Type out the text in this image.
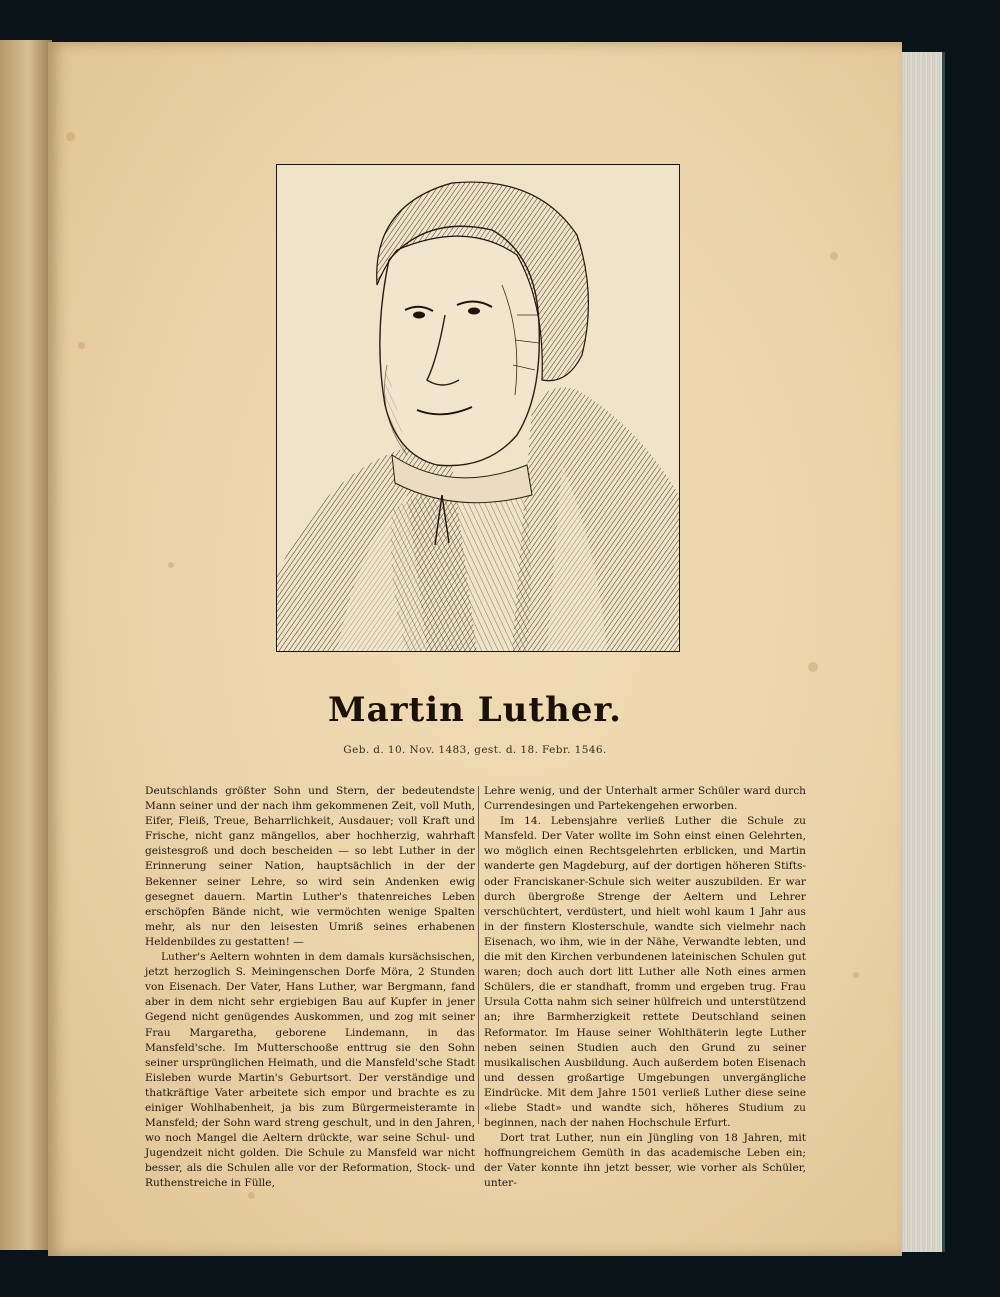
Martin Luther.
Geb. d. 10. Nov. 1483, gest. d. 18. Febr. 1546.

Deutschlands größter Sohn und Stern, der bedeutendste Mann seiner und der nach ihm gekommenen Zeit, voll Muth, Eifer, Fleiß, Treue, Beharrlichkeit, Ausdauer; voll Kraft und Frische, nicht ganz mängellos, aber hochherzig, wahrhaft geistesgroß und doch bescheiden — so lebt Luther in der Erinnerung seiner Nation, hauptsächlich in der der Bekenner seiner Lehre, so wird sein Andenken ewig gesegnet dauern. Martin Luther's thatenreiches Leben erschöpfen Bände nicht, wie vermöchten wenige Spalten mehr, als nur den leisesten Umriß seines erhabenen Heldenbildes zu gestatten! —

Luther's Aeltern wohnten in dem damals kursächsischen, jetzt herzoglich S. Meiningenschen Dorfe Möra, 2 Stunden von Eisenach. Der Vater, Hans Luther, war Bergmann, fand aber in dem nicht sehr ergiebigen Bau auf Kupfer in jener Gegend nicht genügendes Auskommen, und zog mit seiner Frau Margaretha, geborene Lindemann, in das Mansfeld'sche. Im Mutterschooße enttrug sie den Sohn seiner ursprünglichen Heimath, und die Mansfeld'sche Stadt Eisleben wurde Martin's Geburtsort. Der verständige und thatkräftige Vater arbeitete sich empor und brachte es zu einiger Wohlhabenheit, ja bis zum Bürgermeisteramte in Mansfeld; der Sohn ward streng geschult, und in den Jahren, wo noch Mangel die Aeltern drückte, war seine Schul- und Jugendzeit nicht golden. Die Schule zu Mansfeld war nicht besser, als die Schulen alle vor der Reformation, Stock- und Ruthenstreiche in Fülle,

Lehre wenig, und der Unterhalt armer Schüler ward durch Currendesingen und Partekengehen erworben.

Im 14. Lebensjahre verließ Luther die Schule zu Mansfeld. Der Vater wollte im Sohn einst einen Gelehrten, wo möglich einen Rechtsgelehrten erblicken, und Martin wanderte gen Magdeburg, auf der dortigen höheren Stifts- oder Franciskaner-Schule sich weiter auszubilden. Er war durch übergroße Strenge der Aeltern und Lehrer verschüchtert, verdüstert, und hielt wohl kaum 1 Jahr aus in der finstern Klosterschule, wandte sich vielmehr nach Eisenach, wo ihm, wie in der Nähe, Verwandte lebten, und die mit den Kirchen verbundenen lateinischen Schulen gut waren; doch auch dort litt Luther alle Noth eines armen Schülers, die er standhaft, fromm und ergeben trug. Frau Ursula Cotta nahm sich seiner hülfreich und unterstützend an; ihre Barmherzigkeit rettete Deutschland seinen Reformator. Im Hause seiner Wohlthäterin legte Luther neben seinen Studien auch den Grund zu seiner musikalischen Ausbildung. Auch außerdem boten Eisenach und dessen großartige Umgebungen unvergängliche Eindrücke. Mit dem Jahre 1501 verließ Luther diese seine «liebe Stadt» und wandte sich, höheres Studium zu beginnen, nach der nahen Hochschule Erfurt.

Dort trat Luther, nun ein Jüngling von 18 Jahren, mit hoffnungreichem Gemüth in das academische Leben ein; der Vater konnte ihn jetzt besser, wie vorher als Schüler, unter-
